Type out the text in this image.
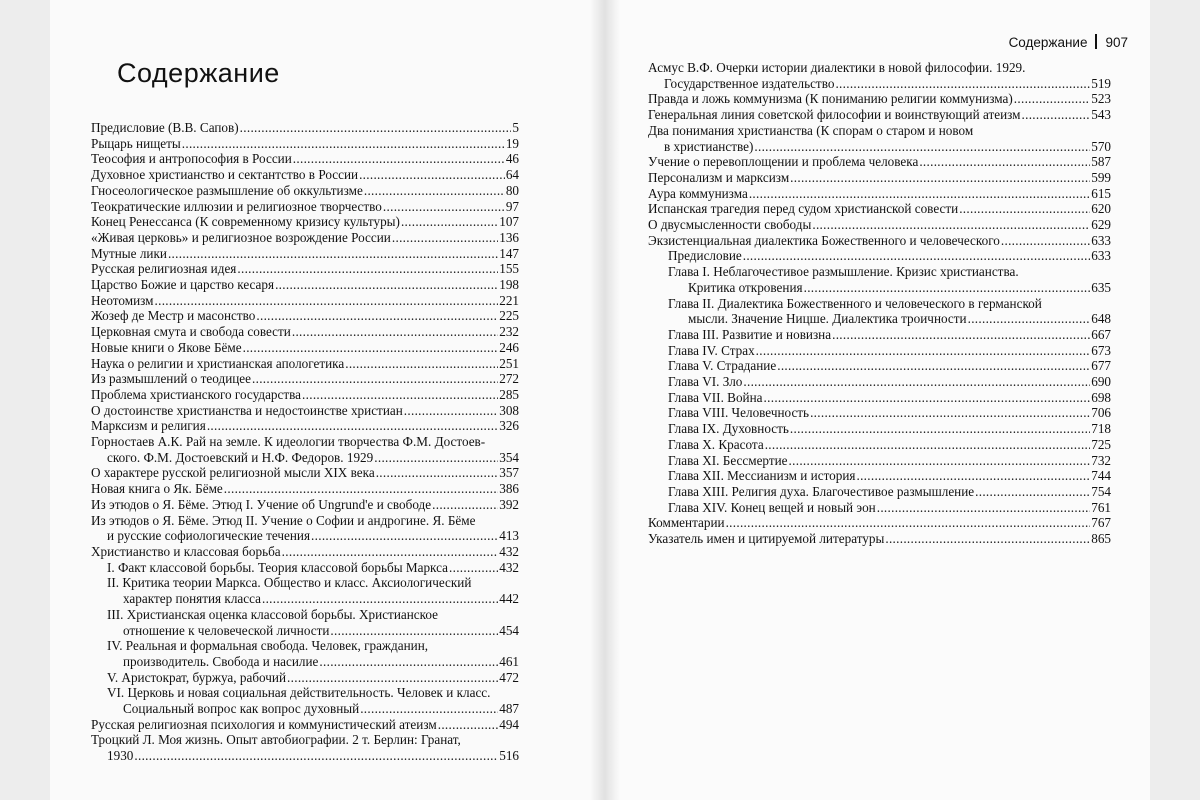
Содержание
Содержание 907
Предисловие (В.В. Сапов) . . .	5
Рыцарь нищеты . . .	19
Теософия и антропософия в России . . .	46
Духовное христианство и сектантство в России . . .	64
Гносеологическое размышление об оккультизме . . .	80
Теократические иллюзии и религиозное творчество . . .	97
Конец Ренессанса (К современному кризису культуры) . . .	107
«Живая церковь» и религиозное возрождение России . . .	136
Мутные лики . . .	147
Русская религиозная идея . . .	155
Царство Божие и царство кесаря . . .	198
Неотомизм . . .	221
Жозеф де Местр и масонство . . .	225
Церковная смута и свобода совести . . .	232
Новые книги о Якове Бёме . . .	246
Наука о религии и христианская апологетика . . .	251
Из размышлений о теодицее . . .	272
Проблема христианского государства . . .	285
О достоинстве христианства и недостоинстве христиан . . .	308
Марксизм и религия . . .	326
Горностаев А.К. Рай на земле. К идеологии творчества Ф.М. Достоев-
ского. Ф.М. Достоевский и Н.Ф. Федоров. 1929 . . .	354
О характере русской религиозной мысли XIX века . . .	357
Новая книга о Як. Бёме . . .	386
Из этюдов о Я. Бёме. Этюд I. Учение об Ungrund'е и свободе . . .	392
Из этюдов о Я. Бёме. Этюд II. Учение о Софии и андрогине. Я. Бёме
и русские софиологические течения . . .	413
Христианство и классовая борьба . . .	432
I. Факт классовой борьбы. Теория классовой борьбы Маркса . . .	432
II. Критика теории Маркса. Общество и класс. Аксиологический
характер понятия класса . . .	442
III. Христианская оценка классовой борьбы. Христианское
отношение к человеческой личности . . .	454
IV. Реальная и формальная свобода. Человек, гражданин,
производитель. Свобода и насилие . . .	461
V. Аристократ, буржуа, рабочий . . .	472
VI. Церковь и новая социальная действительность. Человек и класс.
Социальный вопрос как вопрос духовный . . .	487
Русская религиозная психология и коммунистический атеизм . . .	494
Троцкий Л. Моя жизнь. Опыт автобиографии. 2 т. Берлин: Гранат,
1930 . . .	516
Асмус В.Ф. Очерки истории диалектики в новой философии. 1929.
Государственное издательство . . .	519
Правда и ложь коммунизма (К пониманию религии коммунизма) . . .	523
Генеральная линия советской философии и воинствующий атеизм . . .	543
Два понимания христианства (К спорам о старом и новом
в христианстве) . . .	570
Учение о перевоплощении и проблема человека . . .	587
Персонализм и марксизм . . .	599
Аура коммунизма . . .	615
Испанская трагедия перед судом христианской совести . . .	620
О двусмысленности свободы . . .	629
Экзистенциальная диалектика Божественного и человеческого . . .	633
Предисловие . . .	633
Глава I. Неблагочестивое размышление. Кризис христианства.
Критика откровения . . .	635
Глава II. Диалектика Божественного и человеческого в германской
мысли. Значение Ницше. Диалектика троичности . . .	648
Глава III. Развитие и новизна . . .	667
Глава IV. Страх . . .	673
Глава V. Страдание . . .	677
Глава VI. Зло . . .	690
Глава VII. Война . . .	698
Глава VIII. Человечность . . .	706
Глава IX. Духовность . . .	718
Глава X. Красота . . .	725
Глава XI. Бессмертие . . .	732
Глава XII. Мессианизм и история . . .	744
Глава XIII. Религия духа. Благочестивое размышление . . .	754
Глава XIV. Конец вещей и новый эон . . .	761
Комментарии . . .	767
Указатель имен и цитируемой литературы . . .	865
